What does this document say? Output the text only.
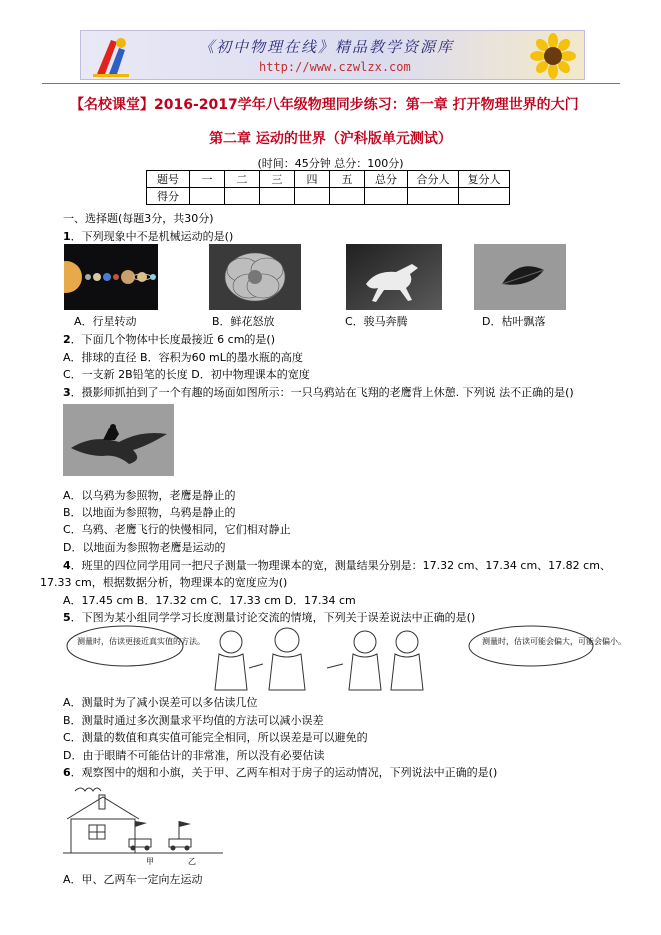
《初中物理在线》精品教学资源库
http://www.czwlzx.com
【名校课堂】2016-2017学年八年级物理同步练习：第一章 打开物理世界的大门
第二章 运动的世界（沪科版单元测试）
(时间：45分钟 总分：100分)
题号	一	二	三	四	五	总分	合分人	复分人
得分								
一、选择题(每题3分，共30分)
1．下列现象中不是机械运动的是()
A．行星转动	B．鲜花怒放	C．骏马奔腾	D．枯叶飘落
2．下面几个物体中长度最接近 6 cm的是()
A．排球的直径 B．容积为60 mL的墨水瓶的高度
C．一支新 2B铅笔的长度 D．初中物理课本的宽度
3．摄影师抓拍到了一个有趣的场面如图所示：一只乌鸦站在飞翔的老鹰背上休憩. 下列说 法不正确的是()
A．以乌鸦为参照物，老鹰是静止的
B．以地面为参照物，乌鸦是静止的
C．乌鸦、老鹰飞行的快慢相同，它们相对静止
D．以地面为参照物老鹰是运动的
4．班里的四位同学用同一把尺子测量一物理课本的宽，测量结果分别是：17.32 cm、17.34 cm、17.82 cm、
17.33 cm，根据数据分析，物理课本的宽度应为()
A．17.45 cm B．17.32 cm C．17.33 cm D．17.34 cm
5．下图为某小组同学学习长度测量讨论交流的情境，下列关于误差说法中正确的是()
测量时，估读更接近真实值的方法。	测量时，估读可能会偏大，可能会偏小。
A．测量时为了减小误差可以多估读几位
B．测量时通过多次测量求平均值的方法可以减小误差
C．测量的数值和真实值可能完全相同，所以误差是可以避免的
D．由于眼睛不可能估计的非常准，所以没有必要估读
6．观察图中的烟和小旗，关于甲、乙两车相对于房子的运动情况，下列说法中正确的是()
甲	乙
A．甲、乙两车一定向左运动
